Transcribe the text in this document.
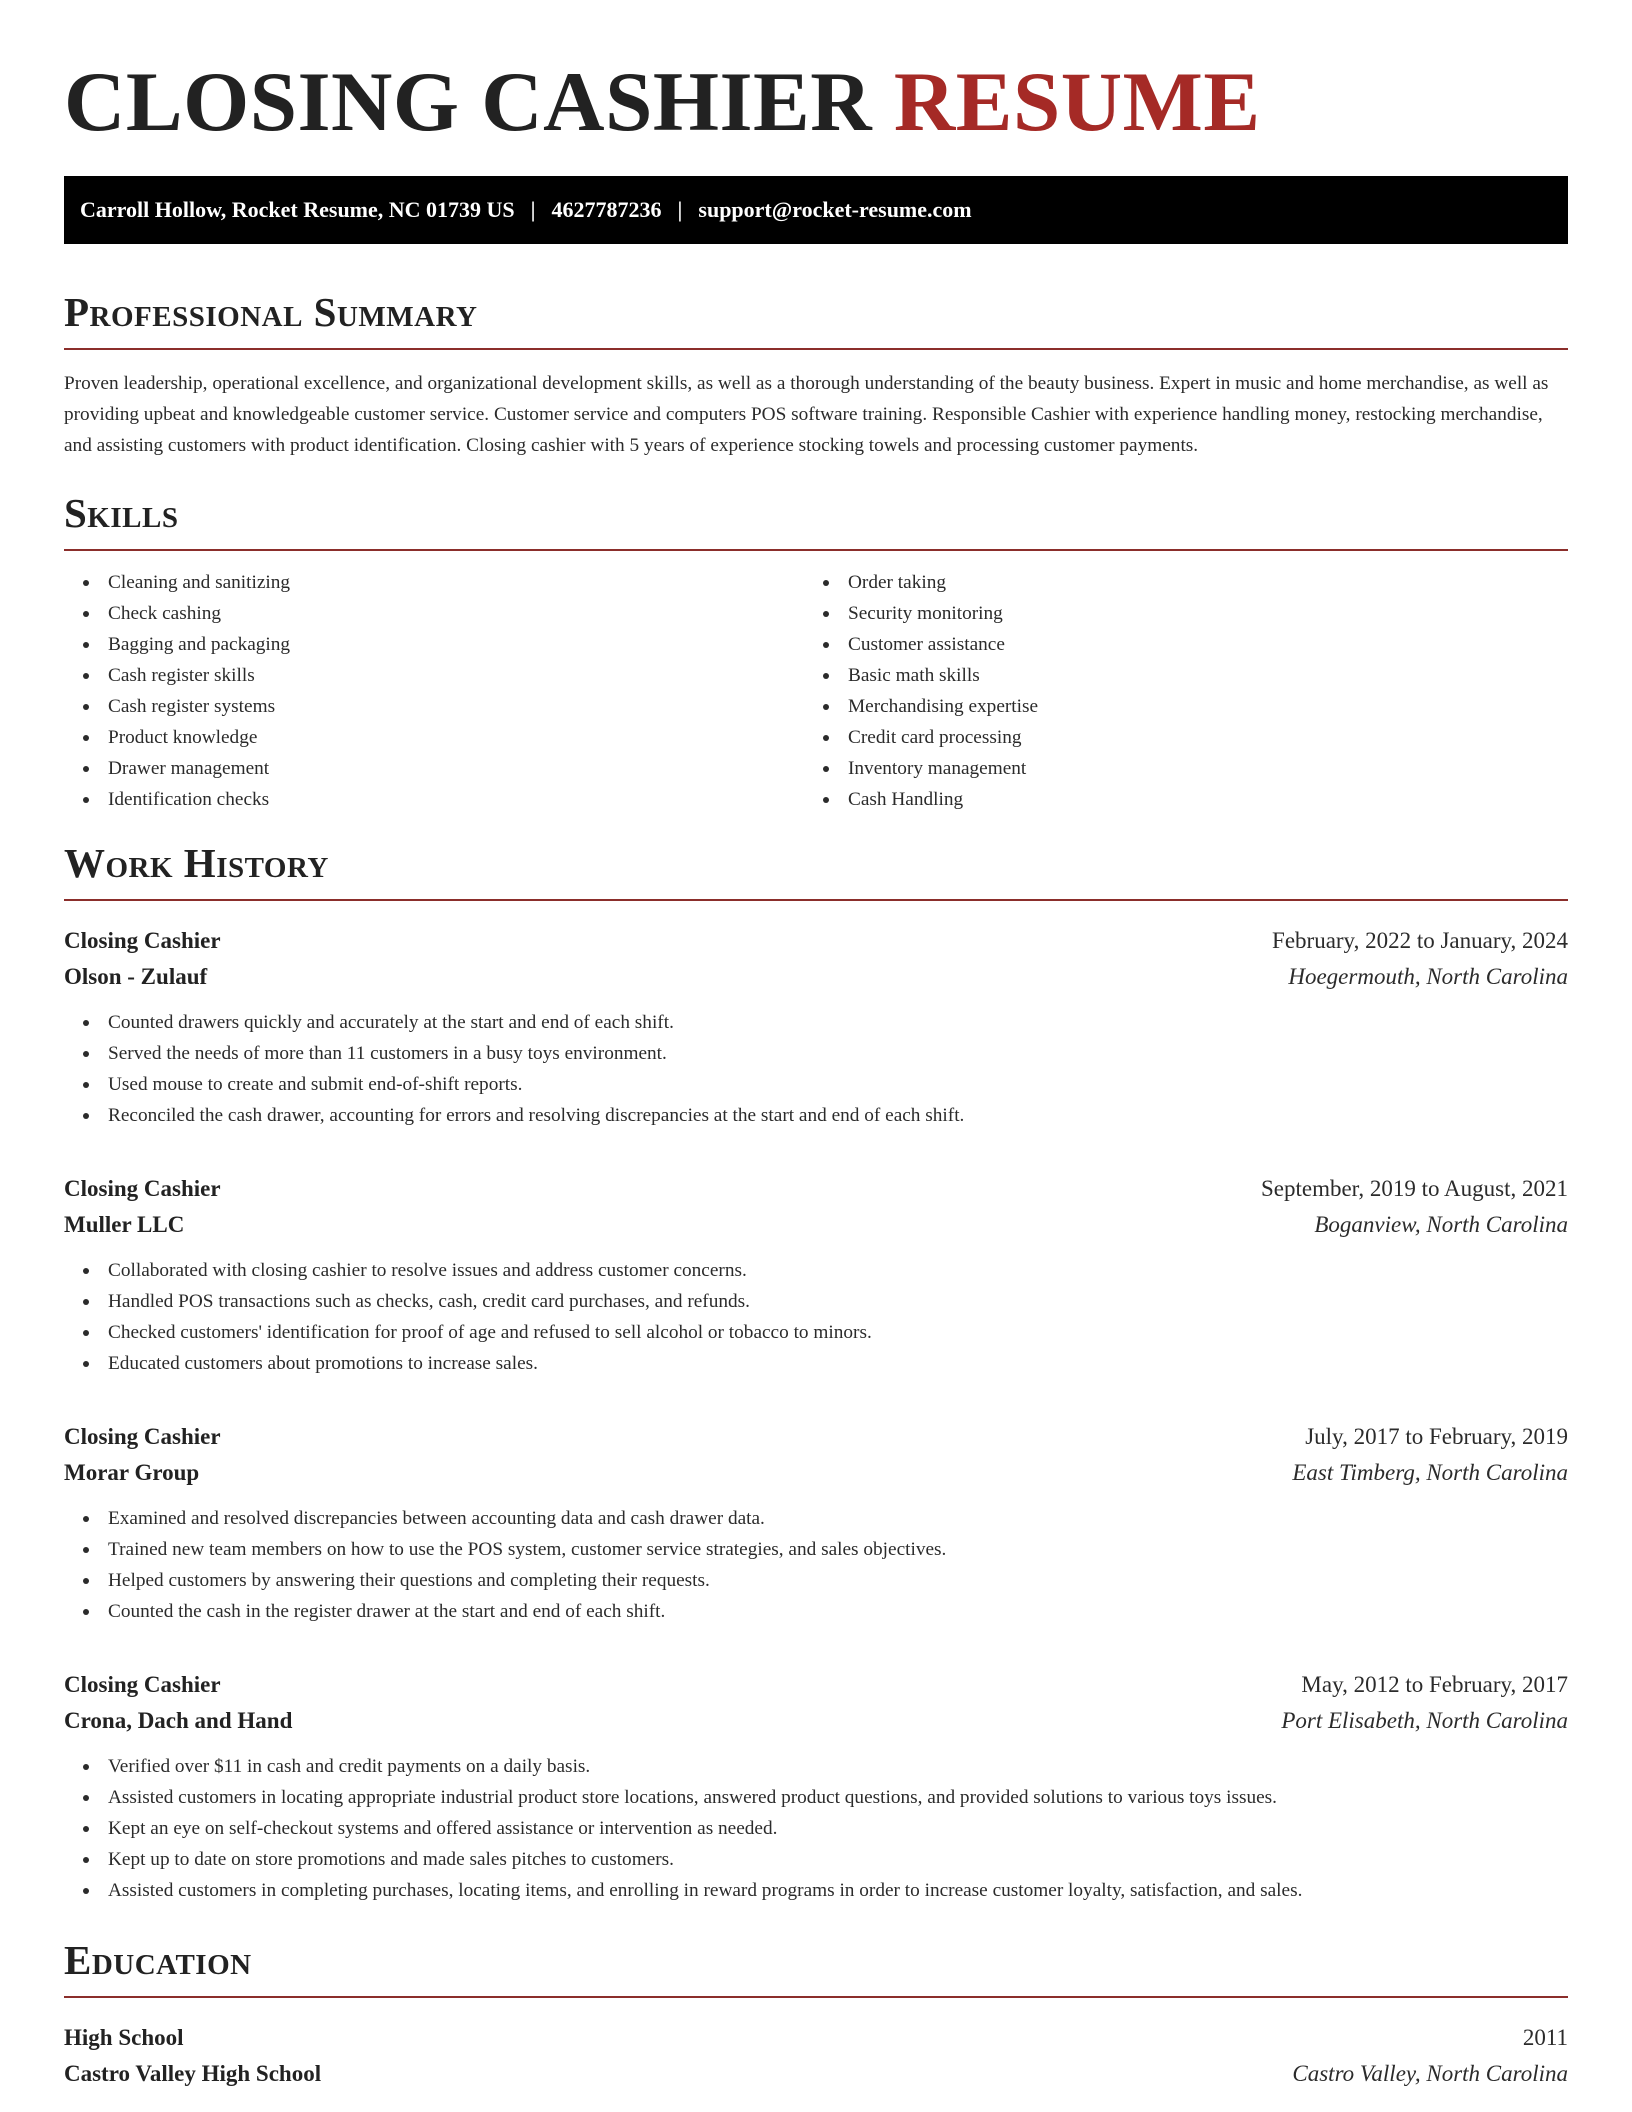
CLOSING CASHIER RESUME
Carroll Hollow, Rocket Resume, NC 01739 US | 4627787236 | support@rocket-resume.com
Professional Summary

Proven leadership, operational excellence, and organizational development skills, as well as a thorough understanding of the beauty business. Expert in music and home merchandise, as well as providing upbeat and knowledgeable customer service. Customer service and computers POS software training. Responsible Cashier with experience handling money, restocking merchandise, and assisting customers with product identification. Closing cashier with 5 years of experience stocking towels and processing customer payments.

Skills
Cleaning and sanitizing
Check cashing
Bagging and packaging
Cash register skills
Cash register systems
Product knowledge
Drawer management
Identification checks
Order taking
Security monitoring
Customer assistance
Basic math skills
Merchandising expertise
Credit card processing
Inventory management
Cash Handling
Work History
Closing Cashier	February, 2022 to January, 2024
Olson - Zulauf	Hoegermouth, North Carolina
Counted drawers quickly and accurately at the start and end of each shift.
Served the needs of more than 11 customers in a busy toys environment.
Used mouse to create and submit end-of-shift reports.
Reconciled the cash drawer, accounting for errors and resolving discrepancies at the start and end of each shift.
Closing Cashier	September, 2019 to August, 2021
Muller LLC	Boganview, North Carolina
Collaborated with closing cashier to resolve issues and address customer concerns.
Handled POS transactions such as checks, cash, credit card purchases, and refunds.
Checked customers' identification for proof of age and refused to sell alcohol or tobacco to minors.
Educated customers about promotions to increase sales.
Closing Cashier	July, 2017 to February, 2019
Morar Group	East Timberg, North Carolina
Examined and resolved discrepancies between accounting data and cash drawer data.
Trained new team members on how to use the POS system, customer service strategies, and sales objectives.
Helped customers by answering their questions and completing their requests.
Counted the cash in the register drawer at the start and end of each shift.
Closing Cashier	May, 2012 to February, 2017
Crona, Dach and Hand	Port Elisabeth, North Carolina
Verified over $11 in cash and credit payments on a daily basis.
Assisted customers in locating appropriate industrial product store locations, answered product questions, and provided solutions to various toys issues.
Kept an eye on self-checkout systems and offered assistance or intervention as needed.
Kept up to date on store promotions and made sales pitches to customers.
Assisted customers in completing purchases, locating items, and enrolling in reward programs in order to increase customer loyalty, satisfaction, and sales.
Education
High School	2011
Castro Valley High School	Castro Valley, North Carolina
